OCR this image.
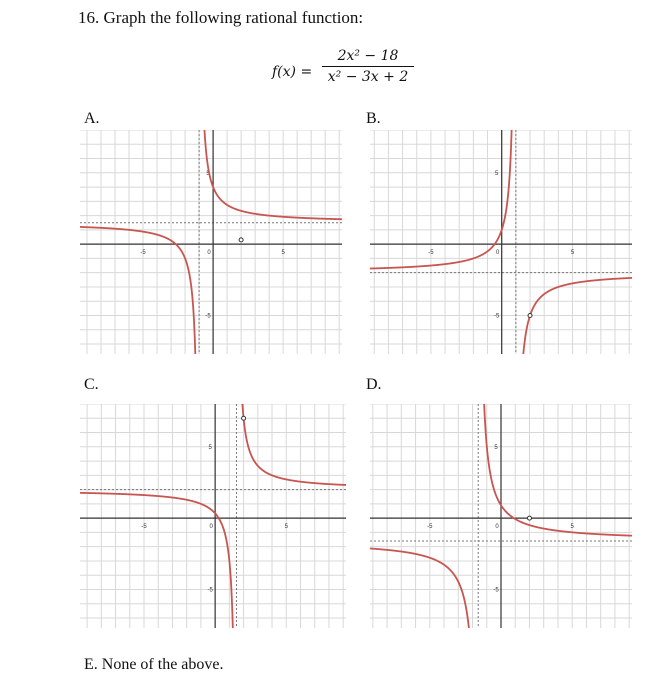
16. Graph the following rational function:
f(x) =
2x² − 18
x² − 3x + 2
A.	B.
C.	D.
-5	5
5
-5
0	-5	5
5
-5
0
-5	5
5
-5
0	-5	5
5
-5
0
E. None of the above.
